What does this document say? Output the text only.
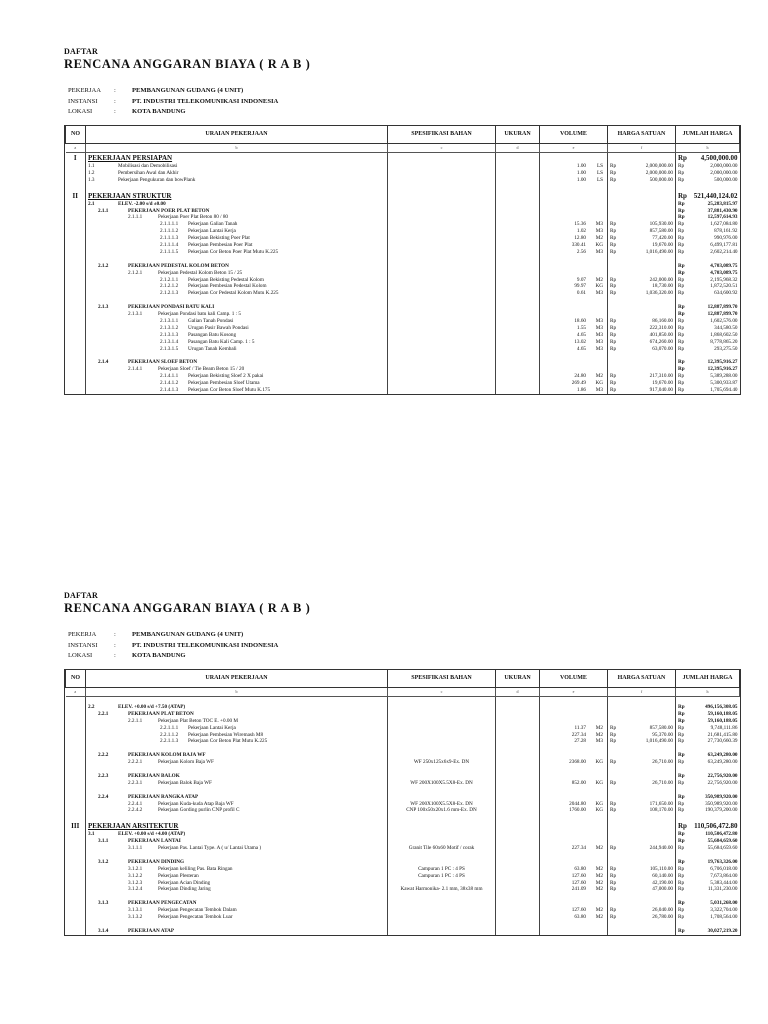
DAFTAR
RENCANA ANGGARAN BIAYA ( R A B )
PEKERJAA	:	PEMBANGUNAN GUDANG (4 UNIT)
INSTANSI	:	PT. INDUSTRI TELEKOMUNIKASI INDONESIA
LOKASI	:	KOTA BANDUNG
NO	URAIAN PEKERJAAN	SPESIFIKASI BAHAN	UKURAN	VOLUME	HARGA SATUAN	JUMLAH HARGA
a	b	c	d	e	f	h
I	PEKERJAAN PERSIAPAN					Rp 4,500,000.00

	1.1 Mobilisasi dan Demobilisasi			1.00 LS	Rp 2,000,000.00	Rp 2,000,000.00

	1.2 Pembersihan Awal dan Akhir			1.00 LS	Rp 2,000,000.00	Rp 2,000,000.00

	1.3 Pekerjaan Pengukuran dan bowPlank			1.00 LS	Rp 500,000.00	Rp 500,000.00

II	PEKERJAAN STRUKTUR					Rp 521,440,124.02

	2.1 ELEV. -2.00 s/d ±0.00					Rp 25,283,815.97

	2.1.1 PEKERJAAN POER PLAT BETON					Rp 37,881,430.90

	2.1.1.1 Pekerjaan Poer Plat Beton 80 / 80					Rp 12,597,614.93

	2.1.1.1.1 Pekerjaan Galian Tanah			15.36 M3	Rp 105,930.00	Rp 1,627,084.80

	2.1.1.1.2 Pekerjaan Lantai Kerja			1.02 M3	Rp 857,580.00	Rp 878,161.92

	2.1.1.1.3 Pekerjaan Bekisting Poer Plat			12.80 M2	Rp 77,420.00	Rp 990,976.00

	2.1.1.1.4 Pekerjaan Pembesian Poer Plat			330.41 KG	Rp 19,670.00	Rp 6,499,177.81

	2.1.1.1.5 Pekerjaan Cor Beton Poer Plat Mutu K.225			2.56 M3	Rp 1,016,490.00	Rp 2,602,214.40

	2.1.2 PEKERJAAN PEDESTAL KOLOM BETON					Rp 4,703,089.75

	2.1.2.1 Pekerjaan Pedestal Kolom Beton 15 / 25					Rp 4,703,089.75

	2.1.2.1.1 Pekerjaan Bekisting Pedestal Kolom			9.07 M2	Rp 242,000.00	Rp 2,195,968.32

	2.1.2.1.2 Pekerjaan Pembesian Pedestal Kolom			99.97 KG	Rp 18,730.00	Rp 1,872,520.51

	2.1.2.1.3 Pekerjaan Cor Pedestal Kolom Mutu K.225			0.61 M3	Rp 1,036,320.00	Rp 634,600.92

	2.1.3 PEKERJAAN PONDASI BATU KALI					Rp 12,887,899.70

	2.1.3.1 Pekerjaan Pondasi batu kali Camp. 1 : 5					Rp 12,887,899.70

	2.1.3.1.1 Galian Tanah Pondasi			18.60 M3	Rp 86,160.00	Rp 1,602,576.00

	2.1.3.1.2 Urugan Pasir Bawah Pondasi			1.55 M3	Rp 222,310.00	Rp 344,580.50

	2.1.3.1.3 Pasangan Batu Kosong			4.65 M3	Rp 401,850.00	Rp 1,868,602.50

	2.1.3.1.4 Pasangan Batu Kali Camp. 1 : 5			13.02 M3	Rp 674,260.00	Rp 8,778,865.20

	2.1.3.1.5 Urugan Tanah Kembali			4.65 M3	Rp 63,070.00	Rp 293,275.50

	2.1.4 PEKERJAAN SLOEF BETON					Rp 12,395,916.27

	2.1.4.1 Pekerjaan Sloef / Tie Beam Beton 15 / 20					Rp 12,395,916.27

	2.1.4.1.1 Pekerjaan Bekisting Sloef 2 X pakai			24.80 M2	Rp 217,310.00	Rp 5,389,288.00

	2.1.4.1.2 Pekerjaan Pembesian Sloef Utama			269.49 KG	Rp 19,670.00	Rp 5,300,933.87

	2.1.4.1.3 Pekerjaan Cor Beton Sloef Mutu K.175			1.86 M3	Rp 917,040.00	Rp 1,705,694.40
DAFTAR
RENCANA ANGGARAN BIAYA ( R A B )
PEKERJA	:	PEMBANGUNAN GUDANG (4 UNIT)
INSTANSI	:	PT. INDUSTRI TELEKOMUNIKASI INDONESIA
LOKASI	:	KOTA BANDUNG
NO	URAIAN PEKERJAAN	SPESIFIKASI BAHAN	UKURAN	VOLUME	HARGA SATUAN	JUMLAH HARGA
a	b	c	d	e	f	h

	2.2 ELEV. +0.00 s/d +7.50 (ATAP)					Rp 496,156,308.05

	2.2.1 PEKERJAAN PLAT BETON					Rp 59,160,188.05

	2.2.1.1 Pekerjaan Plat Beton TOC E. +0.00 M					Rp 59,160,188.05

	2.2.1.1.1 Pekerjaan Lantai Kerja			11.37 M2	Rp 857,580.00	Rp 9,748,111.86

	2.2.1.1.2 Pekerjaan Pembesian Wiremash M8			227.34 M2	Rp 95,370.00	Rp 21,681,415.80

	2.2.1.1.3 Pekerjaan Cor Beton Plat Mutu K.225			27.28 M3	Rp 1,016,490.00	Rp 27,730,660.39

	2.2.2 PEKERJAAN KOLOM BAJA WF					Rp 63,249,280.00

	2.2.2.1 Pekerjaan Kolom Baja WF	WF 250x125x6x9-Ex. DN		2368.00 KG	Rp 26,710.00	Rp 63,249,280.00

	2.2.3 PEKERJAAN BALOK					Rp 22,756,920.00

	2.2.3.1 Pekerjaan Balok Baja WF	WF 200X100X5.5X8-Ex. DN		852.00 KG	Rp 26,710.00	Rp 22,756,920.00

	2.2.4 PEKERJAAN RANGKA ATAP					Rp 350,989,920.00

	2.2.4.1 Pekerjaan Kuda-kuda Atap Baja WF	WF 200X100X5.5X8-Ex. DN		2044.80 KG	Rp 171,650.00	Rp 350,989,920.00

	2.2.4.2 Pekerjaan Gording purlin CNP profil C	CNP 100x50x20x1.6 mm-Ex. DN		1760.00 KG	Rp 108,170.00	Rp 190,379,200.00

III	PEKERJAAN ARSITEKTUR					Rp 110,506,472.80

	3.1 ELEV. +0.00 s/d +4.00 (ATAP)					Rp 110,506,472.80

	3.1.1 PEKERJAAN LANTAI					Rp 55,684,659.60

	3.1.1.1 Pekerjaan Pas. Lantai Type. A ( u/ Lantai Utama )	Granit Tile 60x60 Motif / corak		227.34 M2	Rp 244,940.00	Rp 55,684,659.60

	3.1.2 PEKERJAAN DINDING					Rp 19,763,326.00

	3.1.2.1 Pekerjaan keliling Pas. Bata Ringan	Campuran 1 PC : 4 PS		63.80 M2	Rp 105,110.00	Rp 6,706,018.00

	3.1.2.2 Pekerjaan Plesteran	Campuran 1 PC : 4 PS		127.60 M2	Rp 60,140.00	Rp 7,673,864.00

	3.1.2.3 Pekerjaan Acian Dinding			127.60 M2	Rp 42,190.00	Rp 5,383,444.00

	3.1.2.4 Pekerjaan Dinding Jaring	Kawat Harmonika- 2.1 mm, 38x38 mm		241.09 M2	Rp 47,000.00	Rp 11,331,230.00

	3.1.3 PEKERJAAN PENGECATAN					Rp 5,031,268.00

	3.1.3.1 Pekerjaan Pengecatan Tembok Dalam			127.60 M2	Rp 26,040.00	Rp 3,322,704.00

	3.1.3.2 Pekerjaan Pengecatan Tembok Luar			63.80 M2	Rp 26,780.00	Rp 1,708,564.00

	3.1.4 PEKERJAAN ATAP					Rp 30,027,219.20
